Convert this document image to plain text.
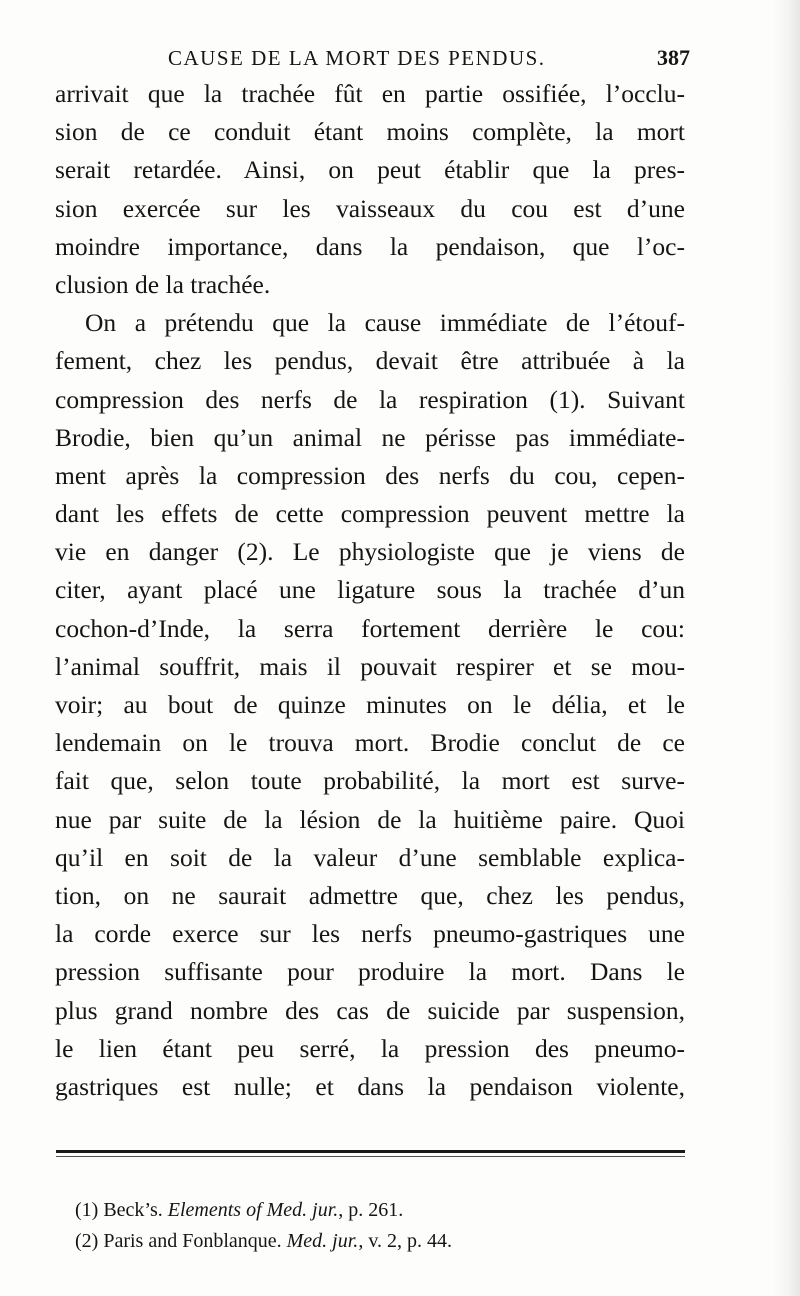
CAUSE DE LA MORT DES PENDUS.	387
arrivait que la trachée fût en partie ossifiée, l’occlu-
sion de ce conduit étant moins complète, la mort
serait retardée. Ainsi, on peut établir que la pres-
sion exercée sur les vaisseaux du cou est d’une
moindre importance, dans la pendaison, que l’oc-
clusion de la trachée.
On a prétendu que la cause immédiate de l’étouf-
fement, chez les pendus, devait être attribuée à la
compression des nerfs de la respiration (1). Suivant
Brodie, bien qu’un animal ne périsse pas immédiate-
ment après la compression des nerfs du cou, cepen-
dant les effets de cette compression peuvent mettre la
vie en danger (2). Le physiologiste que je viens de
citer, ayant placé une ligature sous la trachée d’un
cochon-d’Inde, la serra fortement derrière le cou:
l’animal souffrit, mais il pouvait respirer et se mou-
voir; au bout de quinze minutes on le délia, et le
lendemain on le trouva mort. Brodie conclut de ce
fait que, selon toute probabilité, la mort est surve-
nue par suite de la lésion de la huitième paire. Quoi
qu’il en soit de la valeur d’une semblable explica-
tion, on ne saurait admettre que, chez les pendus,
la corde exerce sur les nerfs pneumo-gastriques une
pression suffisante pour produire la mort. Dans le
plus grand nombre des cas de suicide par suspension,
le lien étant peu serré, la pression des pneumo-
gastriques est nulle; et dans la pendaison violente,
(1) Beck’s. Elements of Med. jur., p. 261.
(2) Paris and Fonblanque. Med. jur., v. 2, p. 44.
